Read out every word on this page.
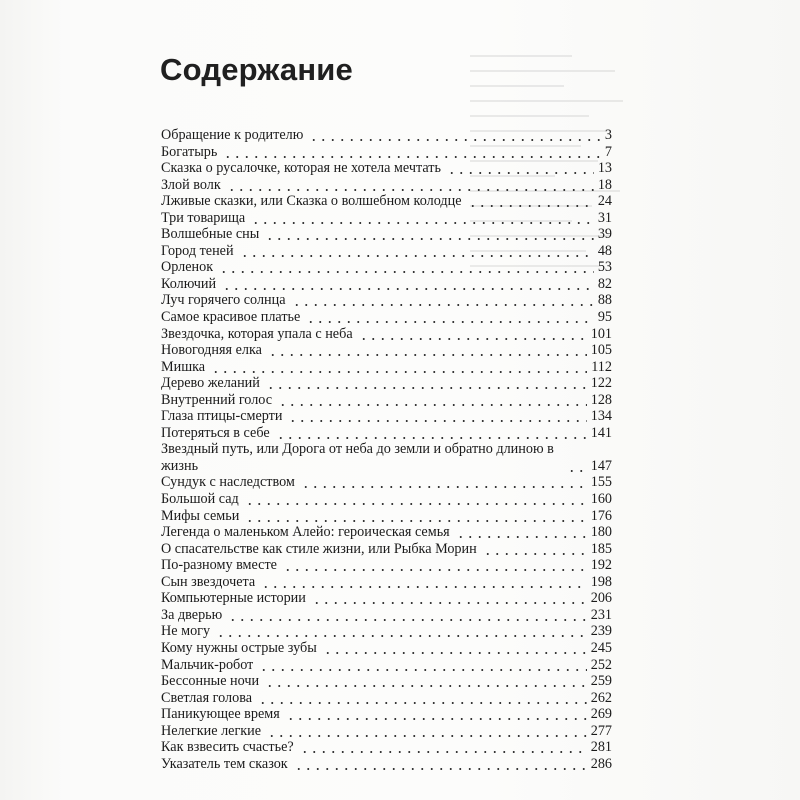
Содержание
Обращение к родителю	3
Богатырь	7
Сказка о русалочке, которая не хотела мечтать	13
Злой волк	18
Лживые сказки, или Сказка о волшебном колодце	24
Три товарища	31
Волшебные сны	39
Город теней	48
Орленок	53
Колючий	82
Луч горячего солнца	88
Самое красивое платье	95
Звездочка, которая упала с неба	101
Новогодняя елка	105
Мишка	112
Дерево желаний	122
Внутренний голос	128
Глаза птицы-смерти	134
Потеряться в себе	141
Звездный путь, или Дорога от неба до земли и обратно длиною в жизнь	147
Сундук с наследством	155
Большой сад	160
Мифы семьи	176
Легенда о маленьком Алейо: героическая семья	180
О спасательстве как стиле жизни, или Рыбка Морин	185
По-разному вместе	192
Сын звездочета	198
Компьютерные истории	206
За дверью	231
Не могу	239
Кому нужны острые зубы	245
Мальчик-робот	252
Бессонные ночи	259
Светлая голова	262
Паникующее время	269
Нелегкие легкие	277
Как взвесить счастье?	281
Указатель тем сказок	286
